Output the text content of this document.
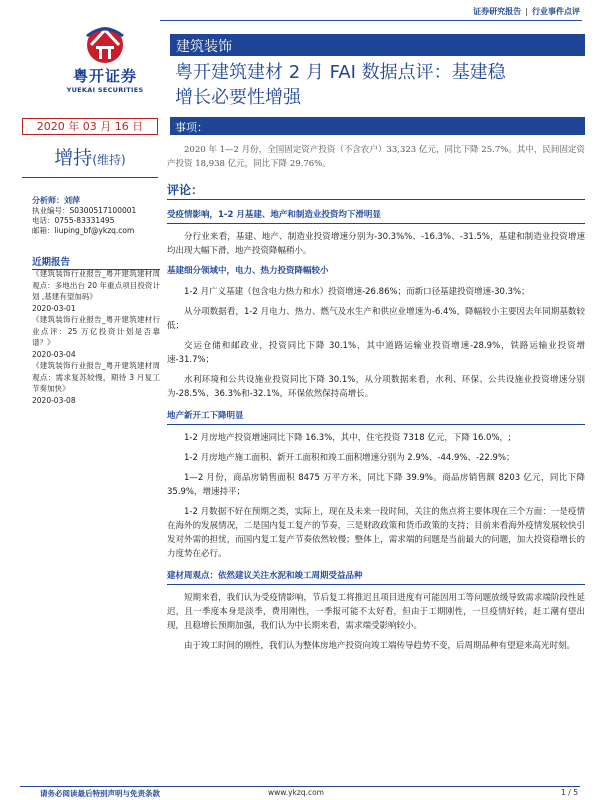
证券研究报告 | 行业事件点评
粤开证券
YUEKAI SECURITIES
建筑装饰
粤开建筑建材 2 月 FAI 数据点评：基建稳
增长必要性增强
2020 年 03 月 16 日	事项：
增持(维持)
分析师：刘萍
执业编号：S0300517100001
电话：0755-83331495
邮箱：liuping_bf@ykzq.com
近期报告
《建筑装饰行业报告_粤开建筑建材周观点：多地出台 20 年重点项目投资计划 ,基建有望加码》
2020-03-01
《建筑装饰行业报告_粤开建筑建材行业点评：25 万亿投资计划是否靠谱？》
2020-03-04
《建筑装饰行业报告_粤开建筑建材周观点：需求复苏较慢，期待 3 月复工节奏加快》
2020-03-08

2020 年 1—2 月份，全国固定资产投资（不含农户）33,323 亿元，同比下降 25.7%。其中，民间固定资产投资 18,938 亿元，同比下降 29.76%。

评论：
受疫情影响，1-2 月基建、地产和制造业投资均下滑明显

分行业来看，基建、地产、制造业投资增速分别为-30.3%%、-16.3%、-31.5%，基建和制造业投资增速均出现大幅下滑，地产投资降幅稍小。

基建细分领域中，电力、热力投资降幅较小

1-2 月广义基建（包含电力热力和水）投资增速-26.86%；而新口径基建投资增速-30.3%；

从分项数据看，1-2 月电力、热力、燃气及水生产和供应业增速为-6.4%，降幅较小主要因去年同期基数较低；

交运仓储和邮政业，投资同比下降 30.1%，其中道路运输业投资增速-28.9%，铁路运输业投资增速-31.7%；

水利环境和公共设施业投资同比下降 30.1%，从分项数据来看，水利、环保、公共设施业投资增速分别为-28.5%、36.3%和-32.1%，环保依然保持高增长。

地产新开工下降明显

1-2 月房地产投资增速同比下降 16.3%，其中，住宅投资 7318 亿元，下降 16.0%，;

1-2 月房地产施工面积、新开工面积和竣工面积增速分别为 2.9%、-44.9%、-22.9%；

1—2 月份，商品房销售面积 8475 万平方米，同比下降 39.9%。商品房销售额 8203 亿元，同比下降 35.9%，增速持平；

1-2 月数据不好在预期之类，实际上，现在及未来一段时间，关注的焦点将主要体现在三个方面：一是疫情在海外的发展情况，二是国内复工复产的节奏，三是财政政策和货币政策的支持；目前来看海外疫情发展较快引发对外需的担忧，而国内复工复产节奏依然较慢；整体上，需求端的问题是当前最大的问题，加大投资稳增长的力度势在必行。

建材周观点：依然建议关注水泥和竣工周期受益品种

短期来看，我们认为受疫情影响，节后复工将推迟且项目进度有可能因用工等问题放缓导致需求端阶段性延迟，且一季度本身是淡季，费用刚性，一季报可能不太好看，但由于工期刚性，一旦疫情好转，赶工潮有望出现，且稳增长预期加强，我们认为中长期来看，需求端受影响较小。

由于竣工时间的刚性，我们认为整体房地产投资向竣工端传导趋势不变，后周期品种有望迎来高光时刻。

请务必阅读最后特别声明与免责条款	www.ykzq.com	1 / 5
